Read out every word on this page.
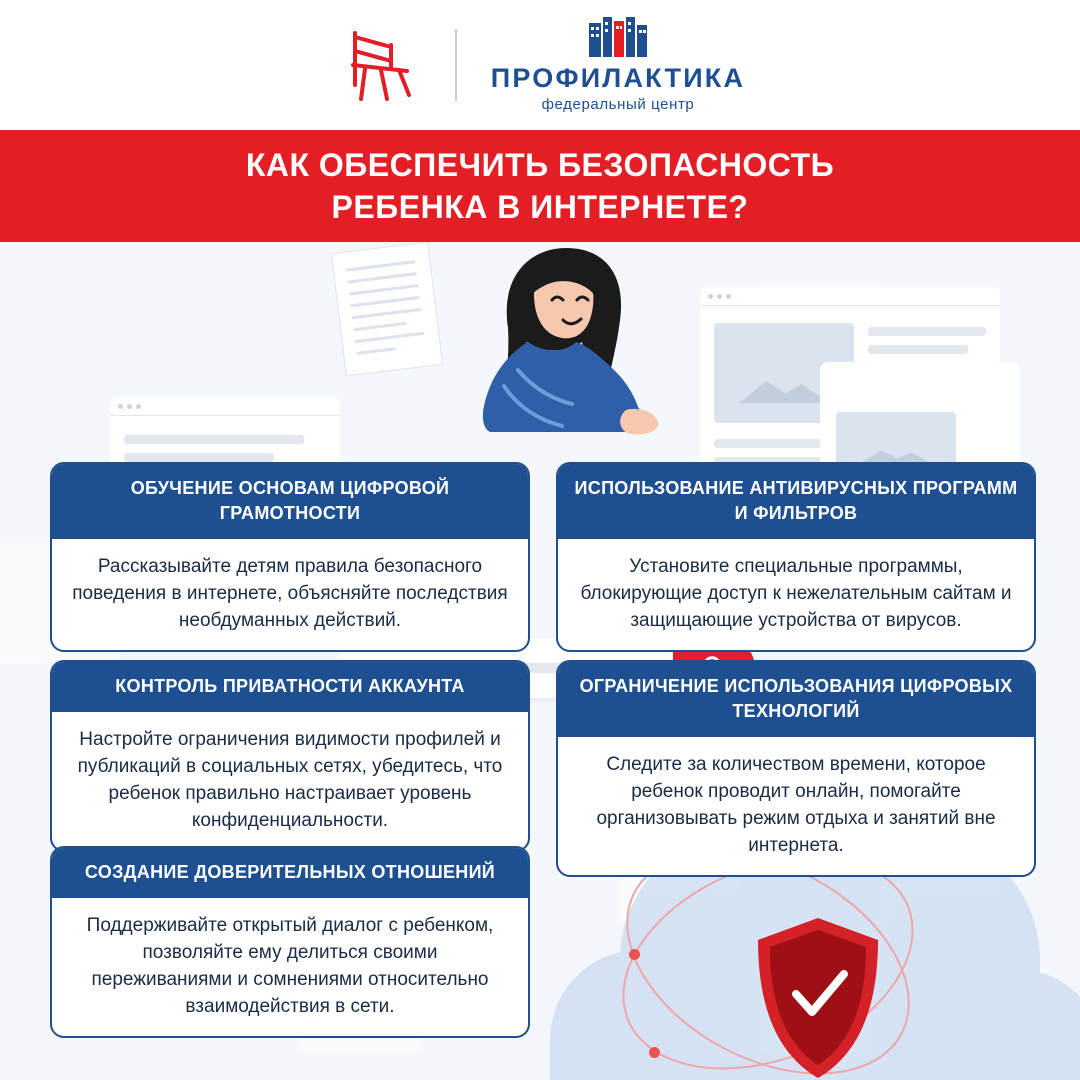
ПРОФИЛАКТИКА
федеральный центр
КАК ОБЕСПЕЧИТЬ БЕЗОПАСНОСТЬ
РЕБЕНКА В ИНТЕРНЕТЕ?
ОБУЧЕНИЕ ОСНОВАМ ЦИФРОВОЙ ГРАМОТНОСТИ
Рассказывайте детям правила безопасного поведения в интернете, объясняйте последствия необдуманных действий.
ИСПОЛЬЗОВАНИЕ АНТИВИРУСНЫХ ПРОГРАММ И ФИЛЬТРОВ
Установите специальные программы, блокирующие доступ к нежелательным сайтам и защищающие устройства от вирусов.
КОНТРОЛЬ ПРИВАТНОСТИ АККАУНТА
Настройте ограничения видимости профилей и публикаций в социальных сетях, убедитесь, что ребенок правильно настраивает уровень конфиденциальности.
ОГРАНИЧЕНИЕ ИСПОЛЬЗОВАНИЯ ЦИФРОВЫХ ТЕХНОЛОГИЙ
Следите за количеством времени, которое ребенок проводит онлайн, помогайте организовывать режим отдыха и занятий вне интернета.
СОЗДАНИЕ ДОВЕРИТЕЛЬНЫХ ОТНОШЕНИЙ
Поддерживайте открытый диалог с ребенком, позволяйте ему делиться своими переживаниями и сомнениями относительно взаимодействия в сети.
